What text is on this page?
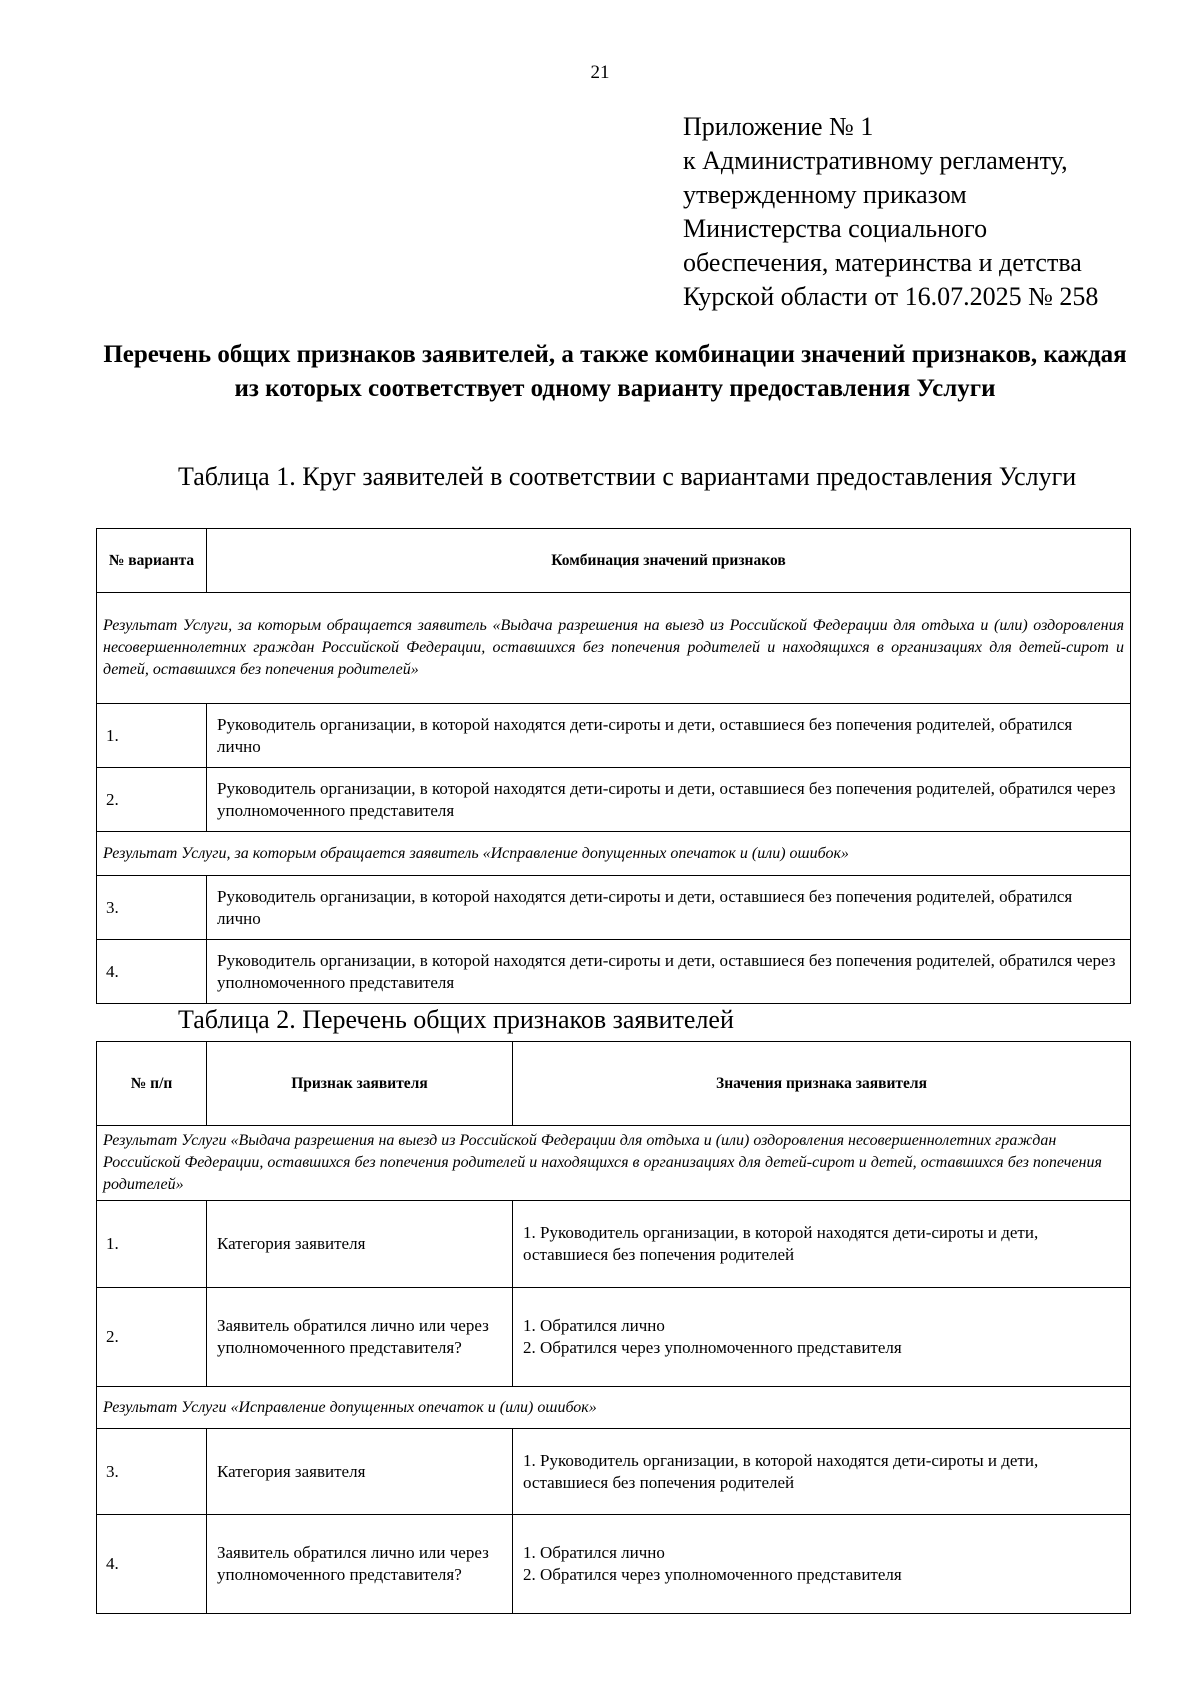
21
Приложение № 1
к Административному регламенту,
утвержденному приказом
Министерства социального
обеспечения, материнства и детства
Курской области от 16.07.2025 № 258
Перечень общих признаков заявителей, а также комбинации значений признаков, каждая из которых соответствует одному варианту предоставления Услуги
Таблица 1. Круг заявителей в соответствии с вариантами предоставления Услуги
№ варианта	Комбинация значений признаков
Результат Услуги, за которым обращается заявитель «Выдача разрешения на выезд из Российской Федерации для отдыха и (или) оздоровления несовершеннолетних граждан Российской Федерации, оставшихся без попечения родителей и находящихся в организациях для детей-сирот и детей, оставшихся без попечения родителей»	
1.	Руководитель организации, в которой находятся дети-сироты и дети, оставшиеся без попечения родителей, обратился лично
2.	Руководитель организации, в которой находятся дети-сироты и дети, оставшиеся без попечения родителей, обратился через уполномоченного представителя
Результат Услуги, за которым обращается заявитель «Исправление допущенных опечаток и (или) ошибок»	
3.	Руководитель организации, в которой находятся дети-сироты и дети, оставшиеся без попечения родителей, обратился лично
4.	Руководитель организации, в которой находятся дети-сироты и дети, оставшиеся без попечения родителей, обратился через уполномоченного представителя
Таблица 2. Перечень общих признаков заявителей
№ п/п	Признак заявителя	Значения признака заявителя
Результат Услуги «Выдача разрешения на выезд из Российской Федерации для отдыха и (или) оздоровления несовершеннолетних граждан Российской Федерации, оставшихся без попечения родителей и находящихся в организациях для детей-сирот и детей, оставшихся без попечения родителей»		
1.	Категория заявителя	1. Руководитель организации, в которой находятся дети-сироты и дети, оставшиеся без попечения родителей
2.	Заявитель обратился лично или через уполномоченного представителя?	1. Обратился лично
2. Обратился через уполномоченного представителя

Результат Услуги «Исправление допущенных опечаток и (или) ошибок»		
3.	Категория заявителя	1. Руководитель организации, в которой находятся дети-сироты и дети, оставшиеся без попечения родителей
4.	Заявитель обратился лично или через уполномоченного представителя?	1. Обратился лично
2. Обратился через уполномоченного представителя
